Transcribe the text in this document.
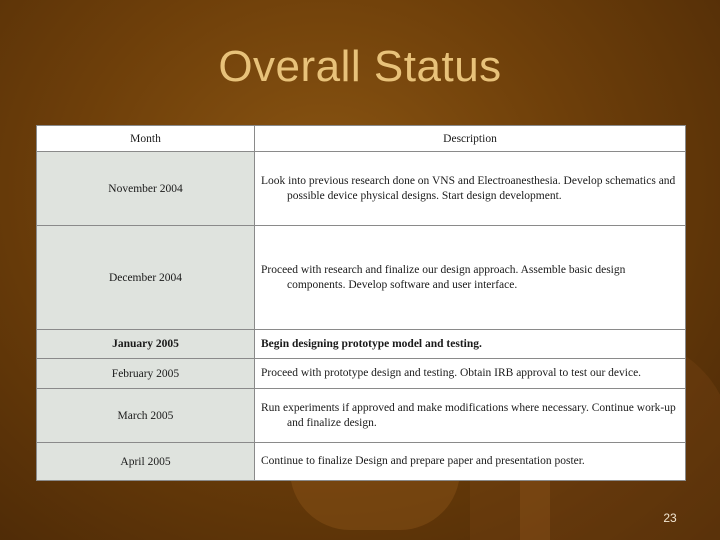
Overall Status
Month	Description
November 2004	Look into previous research done on VNS and Electroanesthesia. Develop schematics and possible device physical designs. Start design development.

December 2004	Proceed with research and finalize our design approach. Assemble basic design components. Develop software and user interface.

January 2005	Begin designing prototype model and testing.

February 2005	Proceed with prototype design and testing. Obtain IRB approval to test our device.

March 2005	Run experiments if approved and make modifications where necessary. Continue work-up and finalize design.

April 2005	Continue to finalize Design and prepare paper and presentation poster.
23
